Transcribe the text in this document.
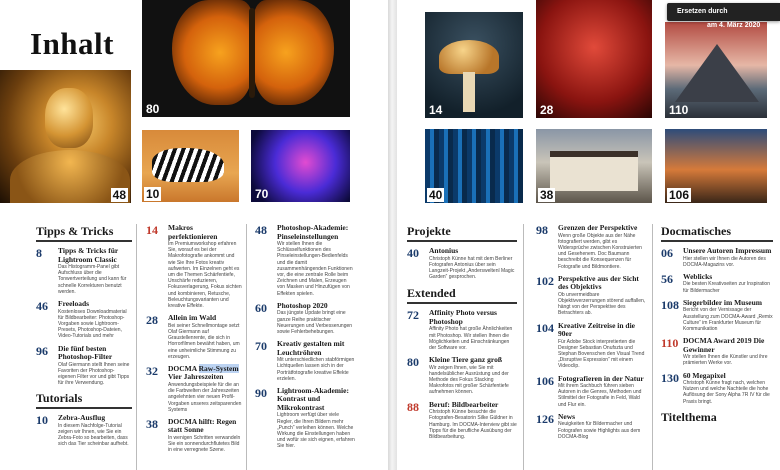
Inhalt
48
80
10	70
Tipps & Tricks
8 Tipps & Tricks für Lightroom Classic
Das Histogramm-Panel gibt Aufschluss über die Tonwertverteilung und kann für schnelle Korrekturen benutzt werden.
46 Freeloads
Kostenloses Downloadmaterial für Bildbearbeiter: Photoshop-Vorgaben sowie Lightroom-Presets, Photoshop-Dateien, Video-Tutorials und mehr
96 Die fünf besten Photoshop-Filter
Olaf Giermann stellt Ihnen seine Favoriten der Photoshop-eigenen Filter vor und gibt Tipps für ihre Verwendung.
Tutorials
10 Zebra-Ausflug
In diesem Nachfolge-Tutorial zeigen wir Ihnen, wie Sie ein Zebra-Foto so bearbeiten, dass sich das Tier scheinbar aufhebt.
14 Makros perfektionieren
Im Premiumworkshop erfahren Sie, worauf es bei der Makrofotografie ankommt und wie Sie Ihre Fotos kreativ aufwerten. Im Einzelnen geht es um die Themen Schärfentiefe, Unschärfe reduzieren, Fokusverlagerung, Fokus sichten und kombinieren, Retusche, Beleuchtungsvarianten und kreative Effekte.
28 Allein im Wald
Bei seiner Schnellmontage setzt Olaf Giermann auf Graustellenrente, die sich in Horrorfilmen bewährt haben, um eine unheimliche Stimmung zu erzeugen.
32 DOCMA Raw-System Vier Jahreszeiten
Anwendungsbeispiele für die an die Farbwelten der Jahreszeiten angelehnten vier neuen Profil-Vorgaben unseres zeitsparenden Systems
38 DOCMA hilft: Regen statt Sonne
In wenigen Schritten verwandeln Sie ein sonnendurchflutetes Bild in eine verregnete Szene.
48 Photoshop-Akademie: Pinseleinstellungen
Wir stellen Ihnen die Schlüsselfunktionen des Pinseleinstellungen-Bedienfelds und die damit zusammenhängenden Funktionen vor, die eine zentrale Rolle beim Zeichnen und Malen, Erzeugen von Masken und Hinzufügen von Effekten spielen.
60 Photoshop 2020
Das jüngste Update bringt eine ganze Reihe praktischer Neuerungen und Verbesserungen sowie Fehlerbehebungen.
70 Kreativ gestalten mit Leuchtröhren
Mit unterschiedlichen stabförmigen Lichtquellen lassen sich in der Porträtfotografie kreative Effekte erzielen.
90 Lightroom-Akademie: Kontrast und Mikrokontrast
Lightroom verfügt über viele Regler, die Ihren Bildern mehr „Punch“ verleihen können. Welche Wirkung die Einstellungen haben und wofür sie sich eignen, erfahren Sie hier.
14	28	110
40	38	106
Projekte
40 Antonius
Christoph Künne hat mit dem Berliner Fotografen Antonius über sein Langzeit-Projekt „Andersweltenl Magic Garden“ gesprochen.
Extended
72 Affinity Photo versus Photoshop
Affinity Photo hat große Ähnlichkeiten mit Photoshop. Wir stellen Ihnen die Möglichkeiten und Einschränkungen der Software vor.
80 Kleine Tiere ganz groß
Wir zeigen Ihnen, wie Sie mit handelsüblicher Ausrüstung und der Methode des Fokus Stacking Makrofotos mit großer Schärfentiefe aufnehmen können.
88 Beruf: Bildbearbeiter
Christoph Künne besuchte die Fotografen-Besatorin Silke Güldner in Hamburg. Im DOCMA-Interview gibt sie Tipps für die berufliche Ausübung der Bildbearbeitung.
98 Grenzen der Perspektive
Wenn große Objekte aus der Nähe fotografiert werden, gibt es Widersprüche zwischen Konstruierten und Gesehenem. Doc Baumann beschreibt die Konsequenzen für Fotografie und Bildmontiere.
102 Perspektive aus der Sicht des Objektivs
Ob unvermeidbare Objektivverzerrungen störend auffallen, hängt von der Perspektive des Betrachters ab.
104 Kreative Zeitreise in die 90er
Für Adobe Stock interpretierten die Designer Sebastian Onufszta und Stephan Bovenschen den Visual Trend „Disruptive Expression“ mit einem Videoclip.
106 Fotografieren in der Natur
Mit ihrem Sachbuch führen sieben Autoren in die Genres, Methoden und Stilmittel der Fotografie in Feld, Wald und Flur ein.
126 News
Neuigkeiten für Bildermacher und Fotografen sowie Highlights aus dem DOCMA-Blog
Docmatisches
06 Unsere Autoren Impressum
Hier stellen wir Ihnen die Autoren des DOCMA-Magazins vor.
56 Weblicks
Die besten Kreativseiten zur Inspiration für Bildermacher
108 Siegerbilder im Museum
Bericht von der Vernissage der Ausstellung zum DOCMA-Award „Remix Culture“ im Frankfurter Museum für Kommunikation
110 DOCMA Award 2019 Die Gewinner
Wir stellen Ihnen die Künstler und ihre prämierten Werke vor.
130 60 Megapixel
Christoph Künne fragt nach, welchen Nutzen und welche Nachteile die hohe Auflösung der Sony Alpha 7R IV für die Praxis bringt.
Titelthema
Ersetzen durch
am 4. März 2020
